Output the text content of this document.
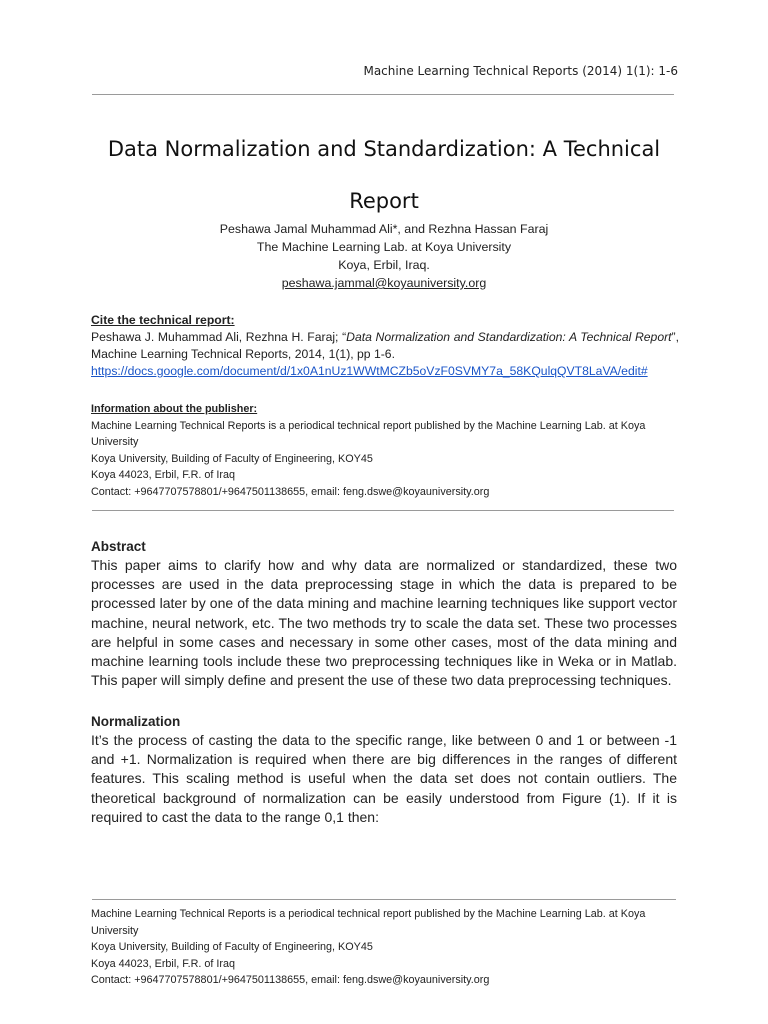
Machine Learning Technical Reports (2014) 1(1): 1-6
Data Normalization and Standardization: A Technical
Report
Peshawa Jamal Muhammad Ali*, and Rezhna Hassan Faraj
The Machine Learning Lab. at Koya University
Koya, Erbil, Iraq.
peshawa.jammal@koyauniversity.org
Cite the technical report:
Peshawa J. Muhammad Ali, Rezhna H. Faraj; “Data Normalization and Standardization: A Technical Report”, Machine Learning Technical Reports, 2014, 1(1), pp 1-6.
https://docs.google.com/document/d/1x0A1nUz1WWtMCZb5oVzF0SVMY7a_58KQulqQVT8LaVA/edit#
Information about the publisher:
Machine Learning Technical Reports is a periodical technical report published by the Machine Learning Lab. at Koya University
Koya University, Building of Faculty of Engineering, KOY45
Koya 44023, Erbil, F.R. of Iraq
Contact: +9647707578801/+9647501138655, email: feng.dswe@koyauniversity.org
Abstract

This paper aims to clarify how and why data are normalized or standardized, these two processes are used in the data preprocessing stage in which the data is prepared to be processed later by one of the data mining and machine learning techniques like support vector machine, neural network, etc. The two methods try to scale the data set. These two processes are helpful in some cases and necessary in some other cases, most of the data mining and machine learning tools include these two preprocessing techniques like in Weka or in Matlab. This paper will simply define and present the use of these two data preprocessing techniques.

Normalization

It’s the process of casting the data to the specific range, like between 0 and 1 or between -1 and +1. Normalization is required when there are big differences in the ranges of different features. This scaling method is useful when the data set does not contain outliers. The theoretical background of normalization can be easily understood from Figure (1). If it is required to cast the data to the range 0,1 then:

Machine Learning Technical Reports is a periodical technical report published by the Machine Learning Lab. at Koya University
Koya University, Building of Faculty of Engineering, KOY45
Koya 44023, Erbil, F.R. of Iraq
Contact: +9647707578801/+9647501138655, email: feng.dswe@koyauniversity.org
